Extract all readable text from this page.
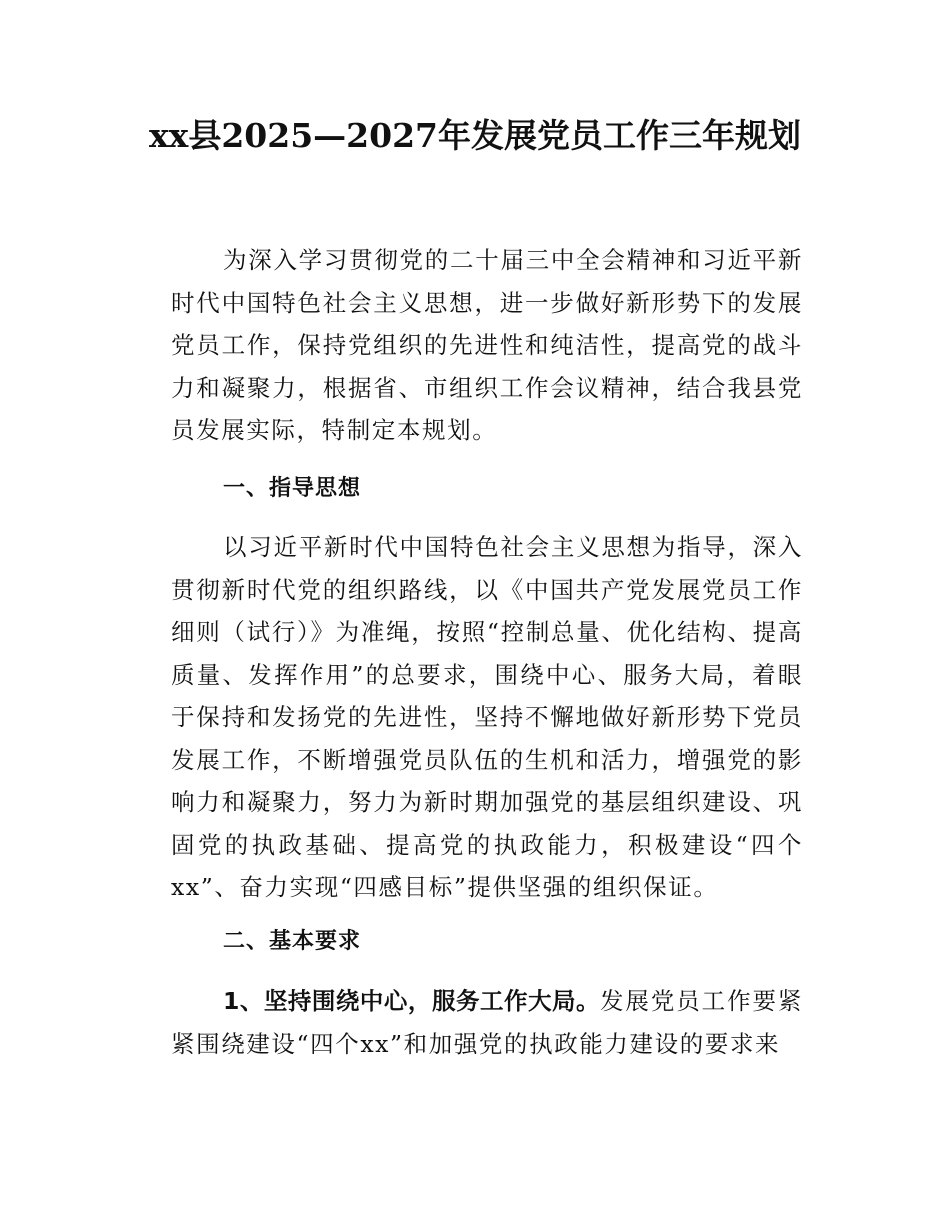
xx县2025—2027年发展党员工作三年规划

为深入学习贯彻党的二十届三中全会精神和习近平新时代中国特色社会主义思想，进一步做好新形势下的发展党员工作，保持党组织的先进性和纯洁性，提高党的战斗力和凝聚力，根据省、市组织工作会议精神，结合我县党员发展实际，特制定本规划。

一、指导思想

以习近平新时代中国特色社会主义思想为指导，深入贯彻新时代党的组织路线，以《中国共产党发展党员工作细则（试行）》为准绳，按照“控制总量、优化结构、提高质量、发挥作用”的总要求，围绕中心、服务大局，着眼于保持和发扬党的先进性，坚持不懈地做好新形势下党员发展工作，不断增强党员队伍的生机和活力，增强党的影响力和凝聚力，努力为新时期加强党的基层组织建设、巩固党的执政基础、提高党的执政能力，积极建设“四个xx”、奋力实现“四感目标”提供坚强的组织保证。

二、基本要求

1、坚持围绕中心，服务工作大局。发展党员工作要紧紧围绕建设“四个xx”和加强党的执政能力建设的要求来
